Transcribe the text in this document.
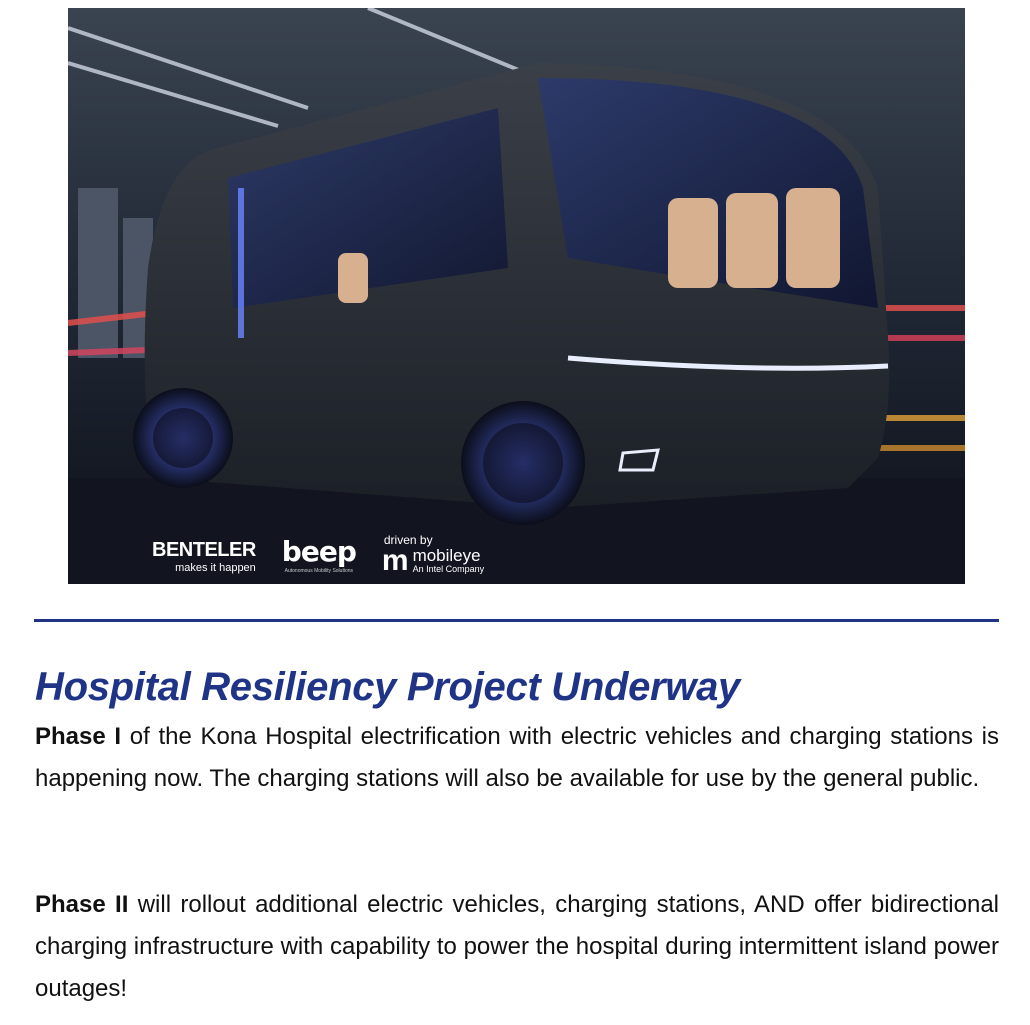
BENTELER
makes it happen beep
Autonomous Mobility Solutions
driven by
m mobileye
An Intel Company
Hospital Resiliency Project Underway

Phase I of the Kona Hospital electrification with electric vehicles and charging stations is happening now. The charging stations will also be available for use by the general public.

Phase II will rollout additional electric vehicles, charging stations, AND offer bidirectional charging infrastructure with capability to power the hospital during intermittent island power outages!
